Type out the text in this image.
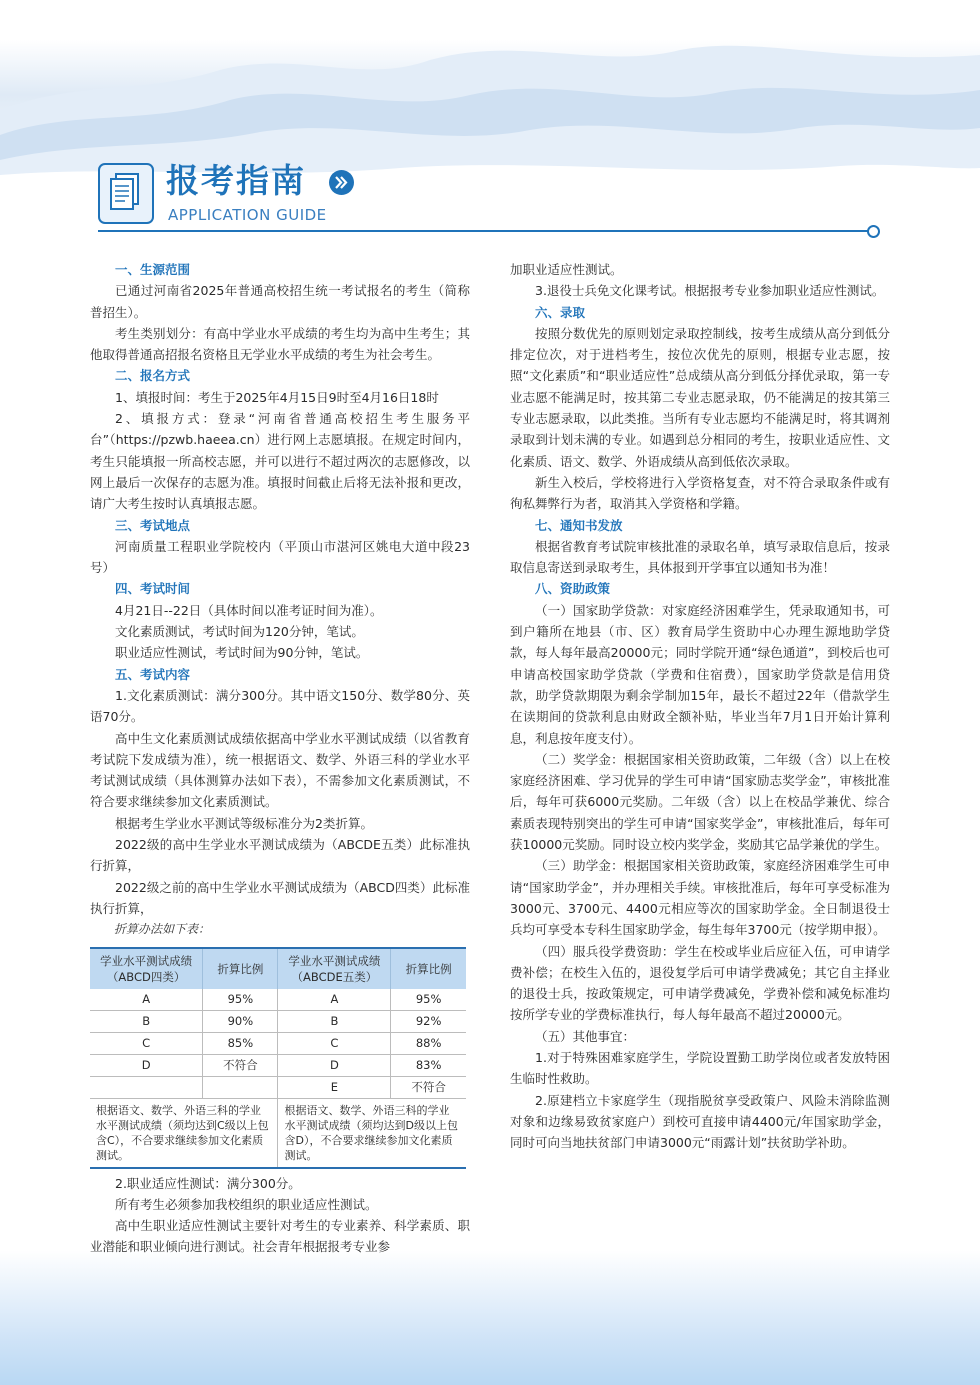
报考指南
APPLICATION GUIDE

一、生源范围

已通过河南省2025年普通高校招生统一考试报名的考生（简称普招生）。

考生类别划分：有高中学业水平成绩的考生均为高中生考生；其他取得普通高招报名资格且无学业水平成绩的考生为社会考生。

二、报名方式

1、填报时间：考生于2025年4月15日9时至4月16日18时

2、填报方式：登录“河南省普通高校招生考生服务平台”（https://pzwb.haeea.cn）进行网上志愿填报。在规定时间内，考生只能填报一所高校志愿，并可以进行不超过两次的志愿修改，以网上最后一次保存的志愿为准。填报时间截止后将无法补报和更改，请广大考生按时认真填报志愿。

三、考试地点

河南质量工程职业学院校内（平顶山市湛河区姚电大道中段23号）

四、考试时间

4月21日--22日（具体时间以准考证时间为准）。

文化素质测试，考试时间为120分钟，笔试。

职业适应性测试，考试时间为90分钟，笔试。

五、考试内容

1.文化素质测试：满分300分。其中语文150分、数学80分、英语70分。

高中生文化素质测试成绩依据高中学业水平测试成绩（以省教育考试院下发成绩为准），统一根据语文、数学、外语三科的学业水平考试测试成绩（具体测算办法如下表），不需参加文化素质测试，不符合要求继续参加文化素质测试。

根据考生学业水平测试等级标准分为2类折算。

2022级的高中生学业水平测试成绩为（ABCDE五类）此标准执行折算，

2022级之前的高中生学业水平测试成绩为（ABCD四类）此标准执行折算，

折算办法如下表：
学业水平测试成绩（ABCD四类）	折算比例	学业水平测试成绩（ABCDE五类）	折算比例
A	95%	A	95%
B	90%	B	92%
C	85%	C	88%
D	不符合	D	83%
		E	不符合
根据语文、数学、外语三科的学业水平测试成绩（须均达到C级以上包含C），不合要求继续参加文化素质测试。		根据语文、数学、外语三科的学业水平测试成绩（须均达到D级以上包含D），不合要求继续参加文化素质测试。	

2.职业适应性测试：满分300分。

所有考生必须参加我校组织的职业适应性测试。

高中生职业适应性测试主要针对考生的专业素养、科学素质、职业潜能和职业倾向进行测试。社会青年根据报考专业参

加职业适应性测试。

3.退役士兵免文化课考试。根据报考专业参加职业适应性测试。

六、录取

按照分数优先的原则划定录取控制线，按考生成绩从高分到低分排定位次，对于进档考生，按位次优先的原则，根据专业志愿，按照“文化素质”和“职业适应性”总成绩从高分到低分择优录取，第一专业志愿不能满足时，按其第二专业志愿录取，仍不能满足的按其第三专业志愿录取，以此类推。当所有专业志愿均不能满足时，将其调剂录取到计划未满的专业。如遇到总分相同的考生，按职业适应性、文化素质、语文、数学、外语成绩从高到低依次录取。

新生入校后，学校将进行入学资格复查，对不符合录取条件或有徇私舞弊行为者，取消其入学资格和学籍。

七、通知书发放

根据省教育考试院审核批准的录取名单，填写录取信息后，按录取信息寄送到录取考生，具体报到开学事宜以通知书为准！

八、资助政策

（一）国家助学贷款：对家庭经济困难学生，凭录取通知书，可到户籍所在地县（市、区）教育局学生资助中心办理生源地助学贷款，每人每年最高20000元；同时学院开通“绿色通道”，到校后也可申请高校国家助学贷款（学费和住宿费），国家助学贷款是信用贷款，助学贷款期限为剩余学制加15年，最长不超过22年（借款学生在读期间的贷款利息由财政全额补贴，毕业当年7月1日开始计算利息，利息按年度支付）。

（二）奖学金：根据国家相关资助政策，二年级（含）以上在校家庭经济困难、学习优异的学生可申请“国家励志奖学金”，审核批准后，每年可获6000元奖励。二年级（含）以上在校品学兼优、综合素质表现特别突出的学生可申请“国家奖学金”，审核批准后，每年可获10000元奖励。同时设立校内奖学金，奖励其它品学兼优的学生。

（三）助学金：根据国家相关资助政策，家庭经济困难学生可申请“国家助学金”，并办理相关手续。审核批准后，每年可享受标准为3000元、3700元、4400元相应等次的国家助学金。全日制退役士兵均可享受本专科生国家助学金，每生每年3700元（按学期申报）。

（四）服兵役学费资助：学生在校或毕业后应征入伍，可申请学费补偿；在校生入伍的，退役复学后可申请学费减免；其它自主择业的退役士兵，按政策规定，可申请学费减免，学费补偿和减免标准均按所学专业的学费标准执行，每人每年最高不超过20000元。

（五）其他事宜：

1.对于特殊困难家庭学生，学院设置勤工助学岗位或者发放特困生临时性救助。

2.原建档立卡家庭学生（现指脱贫享受政策户、风险未消除监测对象和边缘易致贫家庭户）到校可直接申请4400元/年国家助学金，同时可向当地扶贫部门申请3000元“雨露计划”扶贫助学补助。
